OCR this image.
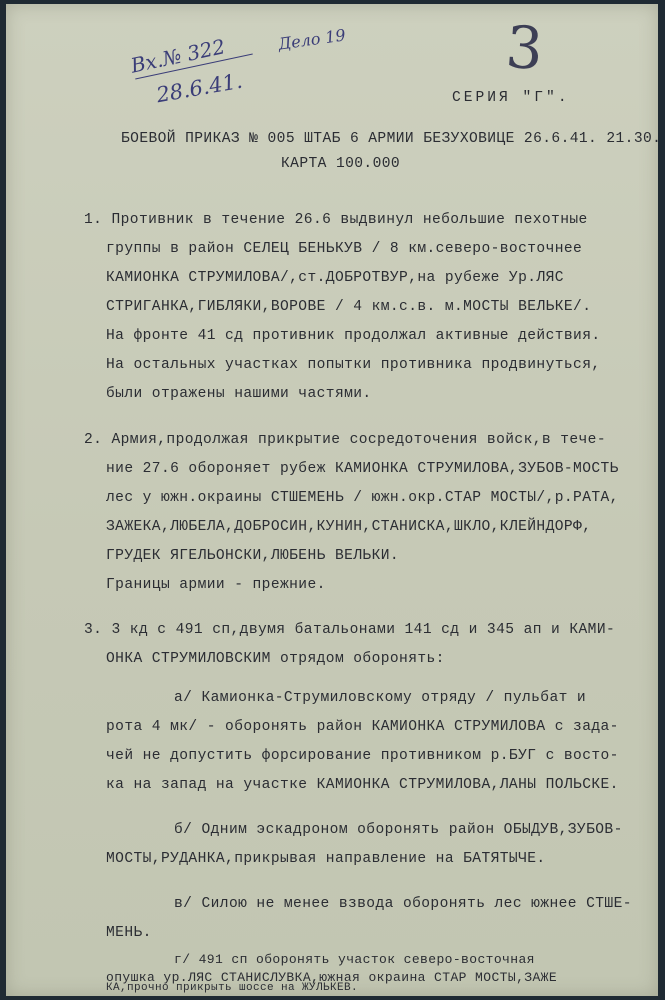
Вх.№ 322
28.6.41.
Дело 19	3
СЕРИЯ "Г".
БОЕВОЙ ПРИКАЗ № 005 ШТАБ 6 АРМИИ БЕЗУХОВИЦЕ 26.6.41. 21.30.
КАРТА 100.000
1. Противник в течение 26.6 выдвинул небольшие пехотные
группы в район СЕЛЕЦ БЕНЬКУВ / 8 км.северо-восточнее
КАМИОНКА СТРУМИЛОВА/,ст.ДОБРОТВУР,на рубеже Ур.ЛЯС
СТРИГАНКА,ГИБЛЯКИ,ВОРОВЕ / 4 км.с.в. м.МОСТЫ ВЕЛЬКЕ/.
На фронте 41 сд противник продолжал активные действия.
На остальных участках попытки противника продвинуться,
были отражены нашими частями.
2. Армия,продолжая прикрытие сосредоточения войск,в тече-
ние 27.6 обороняет рубеж КАМИОНКА СТРУМИЛОВА,ЗУБОВ-МОСТЬ
лес у южн.окраины СТШЕМЕНЬ / южн.окр.СТАР МОСТЫ/,р.РАТА,
ЗАЖЕКА,ЛЮБЕЛА,ДОБРОСИН,КУНИН,СТАНИСКА,ШКЛО,КЛЕЙНДОРФ,
ГРУДЕК ЯГЕЛЬОНСКИ,ЛЮБЕНЬ ВЕЛЬКИ.
Границы армии - прежние.
3. 3 кд с 491 сп,двумя батальонами 141 сд и 345 ап и КАМИ-
ОНКА СТРУМИЛОВСКИМ отрядом оборонять:
а/ Камионка-Струмиловскому отряду / пульбат и
рота 4 мк/ - оборонять район КАМИОНКА СТРУМИЛОВА с зада-
чей не допустить форсирование противником р.БУГ с восто-
ка на запад на участке КАМИОНКА СТРУМИЛОВА,ЛАНЫ ПОЛЬСКЕ.
б/ Одним эскадроном оборонять район ОБЫДУВ,ЗУБОВ-
МОСТЫ,РУДАНКА,прикрывая направление на БАТЯТЫЧЕ.
в/ Силою не менее взвода оборонять лес южнее СТШЕ-
МЕНЬ.
г/ 491 сп оборонять участок северо-восточная
опушка ур.ЛЯС СТАНИСЛУВКА,южная окраина СТАР МОСТЫ,ЗАЖЕ
КА,прочно прикрыть шоссе на ЖУЛЬКЕВ.
